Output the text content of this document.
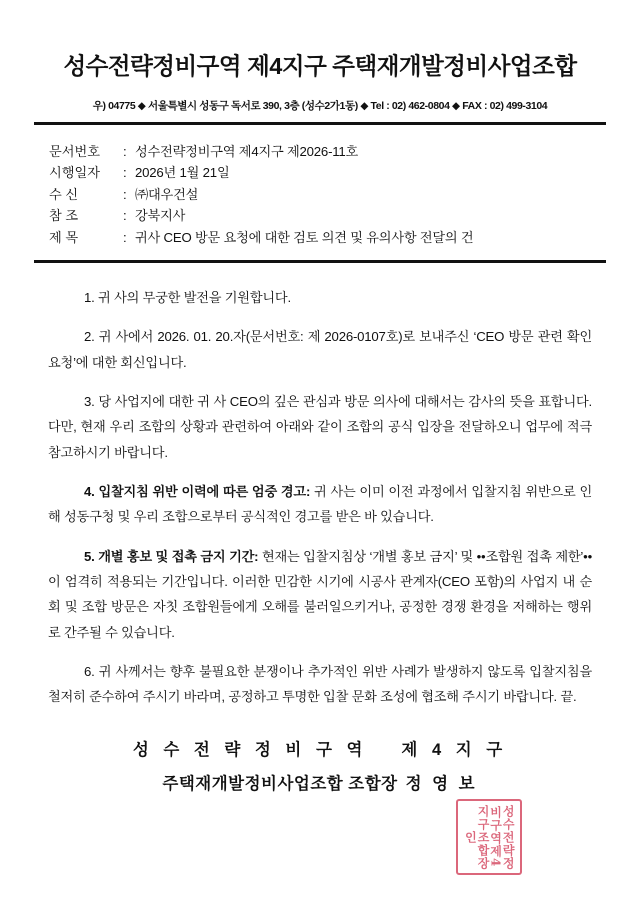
성수전략정비구역 제4지구 주택재개발정비사업조합
우) 04775 ◆ 서울특별시 성동구 독서로 390, 3층 (성수2가1동) ◆ Tel : 02) 462-0804 ◆ FAX : 02) 499-3104
문서번호	: 성수전략정비구역 제4지구 제2026-11호
시행일자	: 2026년 1월 21일
수 신	: ㈜대우건설
참 조	: 강북지사
제 목	: 귀사 CEO 방문 요청에 대한 검토 의견 및 유의사항 전달의 건

1. 귀 사의 무궁한 발전을 기원합니다.

2. 귀 사에서 2026. 01. 20.자(문서번호: 제 2026-0107호)로 보내주신 ‘CEO 방문 관련 확인 요청’에 대한 회신입니다.

3. 당 사업지에 대한 귀 사 CEO의 깊은 관심과 방문 의사에 대해서는 감사의 뜻을 표합니다. 다만, 현재 우리 조합의 상황과 관련하여 아래와 같이 조합의 공식 입장을 전달하오니 업무에 적극 참고하시기 바랍니다.

4. 입찰지침 위반 이력에 따른 엄중 경고: 귀 사는 이미 이전 과정에서 입찰지침 위반으로 인해 성동구청 및 우리 조합으로부터 공식적인 경고를 받은 바 있습니다.

5. 개별 홍보 및 접촉 금지 기간: 현재는 입찰지침상 ‘개별 홍보 금지’ 및 ••조합원 접촉 제한’••이 엄격히 적용되는 기간입니다. 이러한 민감한 시기에 시공사 관계자(CEO 포함)의 사업지 내 순회 및 조합 방문은 자칫 조합원들에게 오해를 불러일으키거나, 공정한 경쟁 환경을 저해하는 행위로 간주될 수 있습니다.

6. 귀 사께서는 향후 불필요한 분쟁이나 추가적인 위반 사례가 발생하지 않도록 입찰지침을 철저히 준수하여 주시기 바라며, 공정하고 투명한 입찰 문화 조성에 협조해 주시기 바랍니다. 끝.

성 수 전 략 정 비 구 역 제 4 지 구
주택재개발정비사업조합 조합장 정 영 보
성수전략정비구역제4지구조합장인
